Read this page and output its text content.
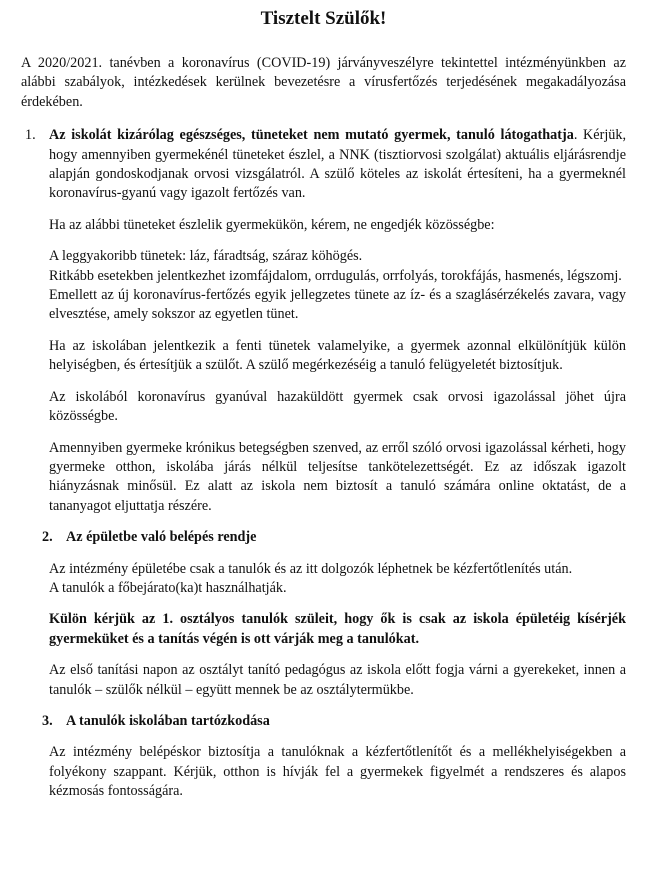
Tisztelt Szülők!

A 2020/2021. tanévben a koronavírus (COVID-19) járványveszélyre tekintettel intézményünkben az alábbi szabályok, intézkedések kerülnek bevezetésre a vírusfertőzés terjedésének megakadályozása érdekében.

1. Az iskolát kizárólag egészséges, tüneteket nem mutató gyermek, tanuló látogathatja. Kérjük, hogy amennyiben gyermekénél tüneteket észlel, a NNK (tisztiorvosi szolgálat) aktuális eljárásrendje alapján gondoskodjanak orvosi vizsgálatról. A szülő köteles az iskolát értesíteni, ha a gyermeknél koronavírus-gyanú vagy igazolt fertőzés van.

Ha az alábbi tüneteket észlelik gyermekükön, kérem, ne engedjék közösségbe:

A leggyakoribb tünetek: láz, fáradtság, száraz köhögés.

Ritkább esetekben jelentkezhet izomfájdalom, orrdugulás, orrfolyás, torokfájás, hasmenés, légszomj.

Emellett az új koronavírus-fertőzés egyik jellegzetes tünete az íz- és a szaglásérzékelés zavara, vagy elvesztése, amely sokszor az egyetlen tünet.

Ha az iskolában jelentkezik a fenti tünetek valamelyike, a gyermek azonnal elkülönítjük külön helyiségben, és értesítjük a szülőt. A szülő megérkezéséig a tanuló felügyeletét biztosítjuk.

Az iskolából koronavírus gyanúval hazaküldött gyermek csak orvosi igazolással jöhet újra közösségbe.

Amennyiben gyermeke krónikus betegségben szenved, az erről szóló orvosi igazolással kérheti, hogy gyermeke otthon, iskolába járás nélkül teljesítse tankötelezettségét. Ez az időszak igazolt hiányzásnak minősül. Ez alatt az iskola nem biztosít a tanuló számára online oktatást, de a tananyagot eljuttatja részére.

2. Az épületbe való belépés rendje

Az intézmény épületébe csak a tanulók és az itt dolgozók léphetnek be kézfertőtlenítés után.

A tanulók a főbejárato(ka)t használhatják.

Külön kérjük az 1. osztályos tanulók szüleit, hogy ők is csak az iskola épületéig kísérjék gyermeküket és a tanítás végén is ott várják meg a tanulókat.

Az első tanítási napon az osztályt tanító pedagógus az iskola előtt fogja várni a gyerekeket, innen a tanulók – szülők nélkül – együtt mennek be az osztálytermükbe.

3. A tanulók iskolában tartózkodása

Az intézmény belépéskor biztosítja a tanulóknak a kézfertőtlenítőt és a mellékhelyiségekben a folyékony szappant. Kérjük, otthon is hívják fel a gyermekek figyelmét a rendszeres és alapos kézmosás fontosságára.
